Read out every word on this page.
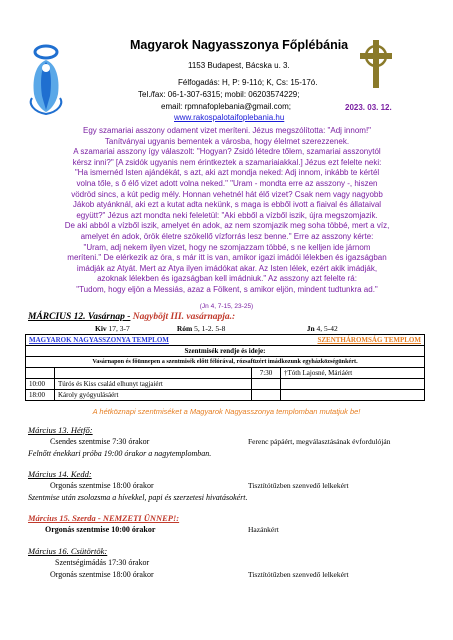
Magyarok Nagyasszonya Főplébánia
1153 Budapest, Bácska u. 3.
Félfogadás: H, P: 9-11ó; K, Cs: 15-17ó.
Tel./fax: 06-1-307-6315; mobil: 06203574229;
email: rpmnafoplebania@gmail.com;
www.rakospalotaifoplebania.hu
2023. 03. 12.
Egy szamariai asszony odament vizet meríteni. Jézus megszólította: "Adj innom!"
Tanítványai ugyanis bementek a városba, hogy élelmet szerezzenek.
A szamariai asszony így válaszolt: "Hogyan? Zsidó létedre tőlem, szamariai asszonytól
kérsz inni?" [A zsidók ugyanis nem érintkeztek a szamariaiakkal.] Jézus ezt felelte neki:
"Ha ismernéd Isten ajándékát, s azt, aki azt mondja neked: Adj innom, inkább te kértél
volna tőle, s ő élő vizet adott volna neked." "Uram - mondta erre az asszony -, hiszen
vödröd sincs, a kút pedig mély. Honnan vehetnél hát élő vizet? Csak nem vagy nagyobb
Jákob atyánknál, aki ezt a kutat adta nekünk, s maga is ebből ivott a fiaival és állataival
együtt?" Jézus azt mondta neki feleletül: "Aki ebből a vízből iszik, újra megszomjazik.
De aki abból a vízből iszik, amelyet én adok, az nem szomjazik meg soha többé, mert a víz,
amelyet én adok, örök életre szökellő vízforrás lesz benne." Erre az asszony kérte:
"Uram, adj nekem ilyen vizet, hogy ne szomjazzam többé, s ne kelljen ide járnom
meríteni." De elérkezik az óra, s már itt is van, amikor igazi imádói lélekben és igazságban
imádják az Atyát. Mert az Atya ilyen imádókat akar. Az Isten lélek, ezért akik imádják,
azoknak lélekben és igazságban kell imádniuk." Az asszony azt felelte rá:
"Tudom, hogy eljön a Messiás, azaz a Fölkent, s amikor eljön, mindent tudtunkra ad."
(Jn 4, 7-15, 23-25)
MÁRCIUS 12. Vasárnap - Nagyböjt III. vasárnapja.:
Kiv 17, 3-7	Róm 5, 1-2. 5-8	Jn 4, 5-42
MAGYAROK NAGYASSZONYA TEMPLOM		SZENTHÁROMSÁG TEMPLOM	
Szentmisék rendje és ideje:			
Vasárnapon és főünnepen a szentmisék előtt félórával, rózsafüzért imádkozunk egyházközségünkért.			
		7:30	†Tóth Lajosné, Máriáért
10:00	Túrós és Kiss család elhunyt tagjaiért		
18:00	Károly gyógyulásáért		
A hétköznapi szentmiséket a Magyarok Nagyasszonya templomban mutatjuk be!
Március 13. Hétfő:
Csendes szentmise 7:30 órakor	Ferenc pápáért, megválasztásának évfordulóján
Felnőtt énekkari próba 19:00 órakor a nagytemplomban.
Március 14. Kedd:
Orgonás szentmise 18:00 órakor	Tisztítótűzben szenvedő lelkekért
Szentmise után zsolozsma a hívekkel, papi és szerzetesi hivatásokért.
Március 15. Szerda - NEMZETI ÜNNEP!:
Orgonás szentmise 10:00 órakor	Hazánkért
Március 16. Csütörtök:
Szentségimádás 17:30 órakor
Orgonás szentmise 18:00 órakor	Tisztítótűzben szenvedő lelkekért
